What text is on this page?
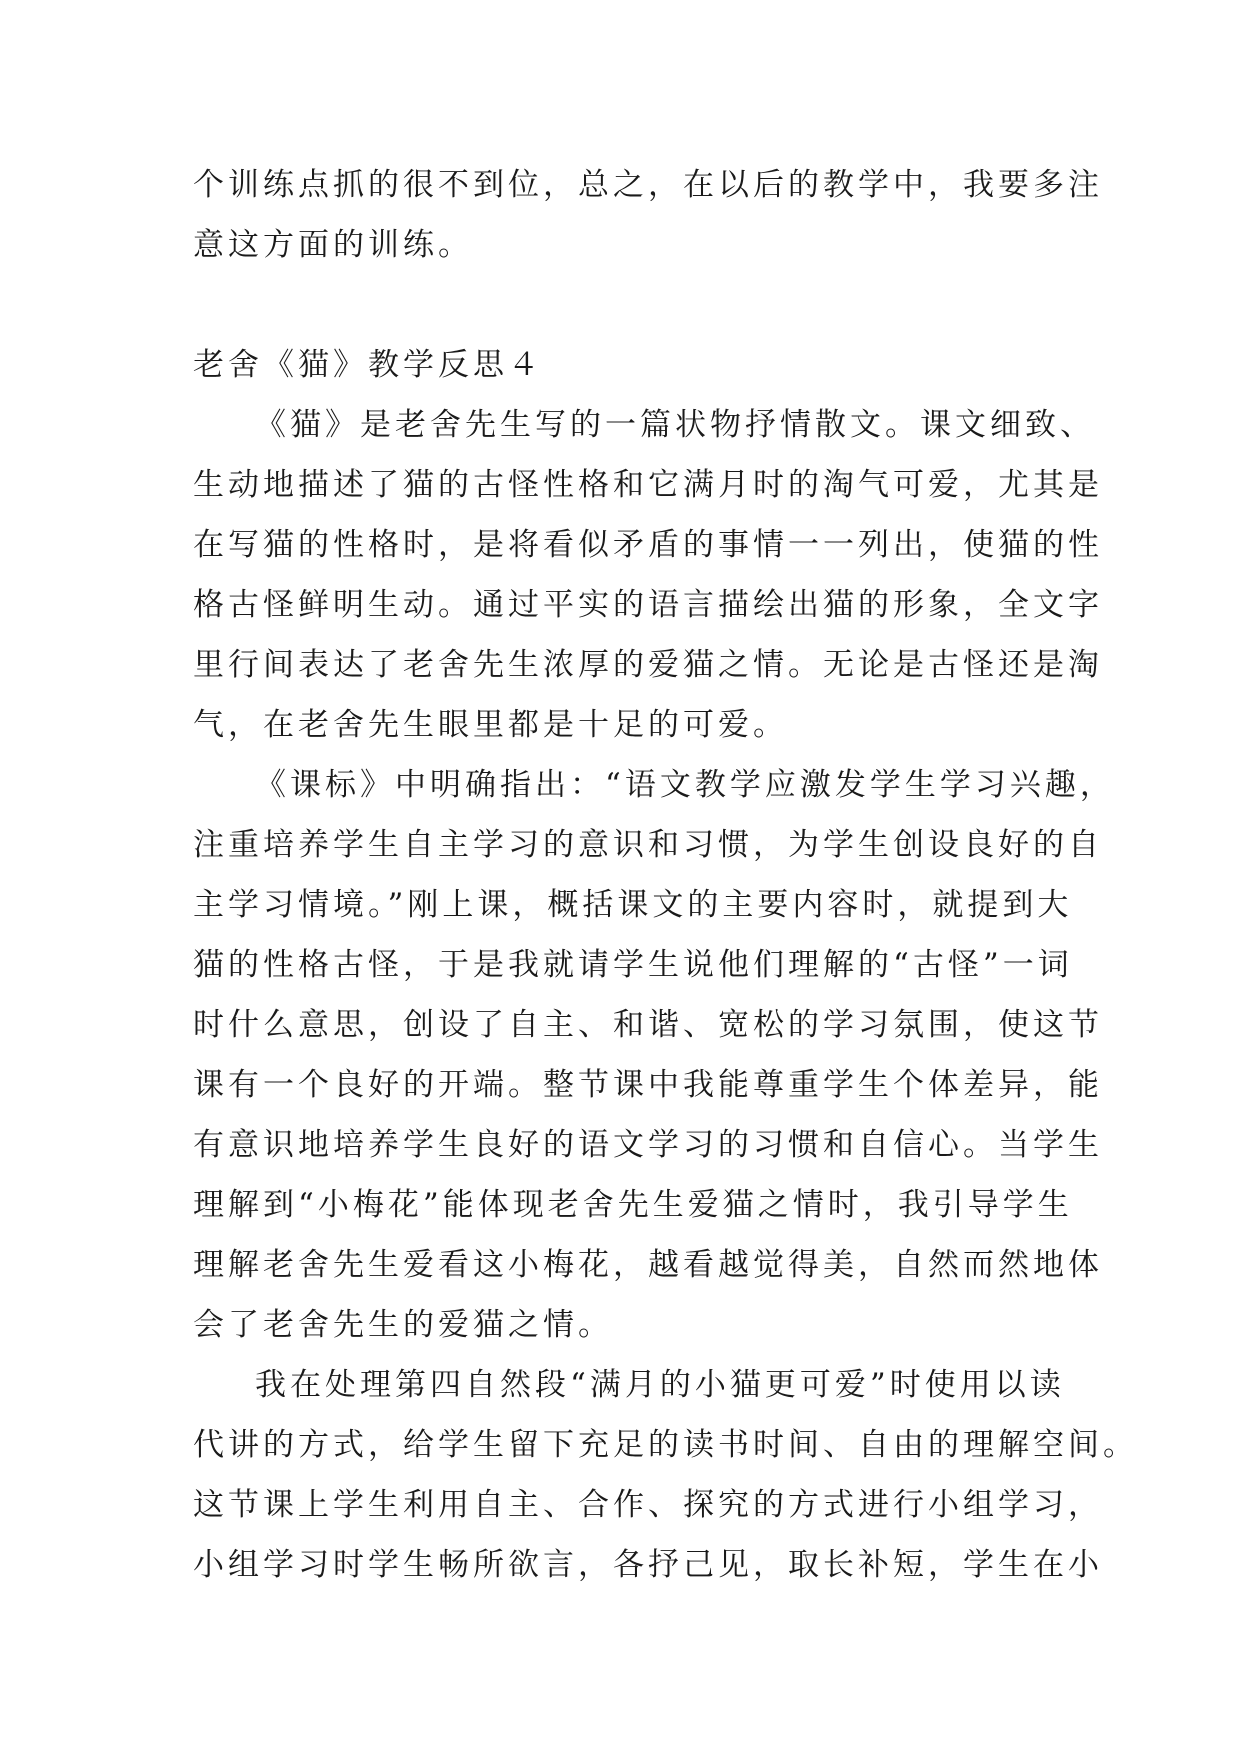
个训练点抓的很不到位，总之，在以后的教学中，我要多注
意这方面的训练。
老舍《猫》教学反思４
《猫》是老舍先生写的一篇状物抒情散文。课文细致、
生动地描述了猫的古怪性格和它满月时的淘气可爱，尤其是
在写猫的性格时，是将看似矛盾的事情一一列出，使猫的性
格古怪鲜明生动。通过平实的语言描绘出猫的形象，全文字
里行间表达了老舍先生浓厚的爱猫之情。无论是古怪还是淘
气，在老舍先生眼里都是十足的可爱。
《课标》中明确指出：“语文教学应激发学生学习兴趣，
注重培养学生自主学习的意识和习惯，为学生创设良好的自
主学习情境。”刚上课，概括课文的主要内容时，就提到大
猫的性格古怪，于是我就请学生说他们理解的“古怪”一词
时什么意思，创设了自主、和谐、宽松的学习氛围，使这节
课有一个良好的开端。整节课中我能尊重学生个体差异，能
有意识地培养学生良好的语文学习的习惯和自信心。当学生
理解到“小梅花”能体现老舍先生爱猫之情时，我引导学生
理解老舍先生爱看这小梅花，越看越觉得美，自然而然地体
会了老舍先生的爱猫之情。
我在处理第四自然段“满月的小猫更可爱”时使用以读
代讲的方式，给学生留下充足的读书时间、自由的理解空间。
这节课上学生利用自主、合作、探究的方式进行小组学习，
小组学习时学生畅所欲言，各抒己见，取长补短，学生在小
